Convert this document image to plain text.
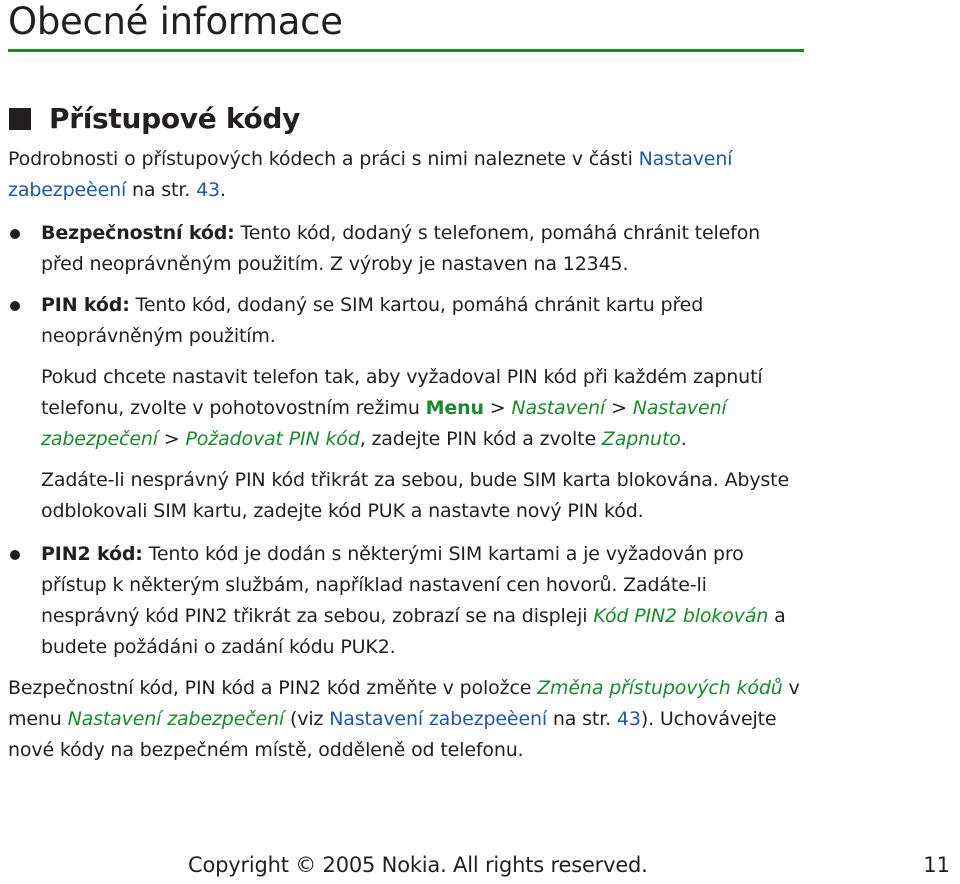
Obecné informace
Přístupové kódy

Podrobnosti o přístupových kódech a práci s nimi naleznete v části Nastavení zabezpeèení na str. 43.

Bezpečnostní kód: Tento kód, dodaný s telefonem, pomáhá chránit telefon před neoprávněným použitím. Z výroby je nastaven na 12345.

PIN kód: Tento kód, dodaný se SIM kartou, pomáhá chránit kartu před neoprávněným použitím.

Pokud chcete nastavit telefon tak, aby vyžadoval PIN kód při každém zapnutí telefonu, zvolte v pohotovostním režimu Menu > Nastavení > Nastavení zabezpečení > Požadovat PIN kód, zadejte PIN kód a zvolte Zapnuto.

Zadáte-li nesprávný PIN kód třikrát za sebou, bude SIM karta blokována. Abyste odblokovali SIM kartu, zadejte kód PUK a nastavte nový PIN kód.

PIN2 kód: Tento kód je dodán s některými SIM kartami a je vyžadován pro přístup k některým službám, například nastavení cen hovorů. Zadáte-li nesprávný kód PIN2 třikrát za sebou, zobrazí se na displeji Kód PIN2 blokován a budete požádáni o zadání kódu PUK2.

Bezpečnostní kód, PIN kód a PIN2 kód změňte v položce Změna přístupových kódů v menu Nastavení zabezpečení (viz Nastavení zabezpeèení na str. 43). Uchovávejte nové kódy na bezpečném místě, odděleně od telefonu.

Copyright © 2005 Nokia. All rights reserved.	11
